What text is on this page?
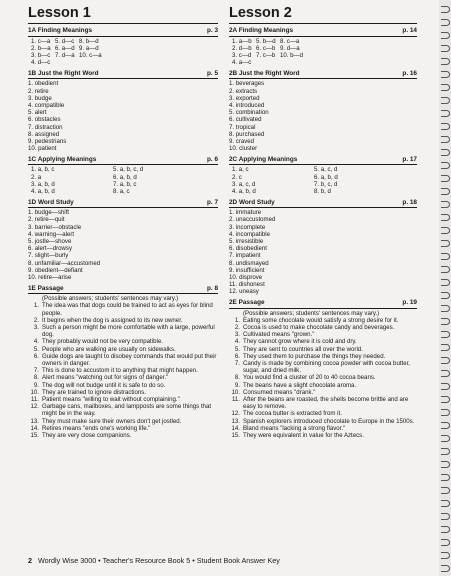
Lesson 1
1A Finding Meanings	p. 3
1. c—a 5. d—c 8. b—d
2. b—a 6. a—d 9. a—d
3. b—c 7. d—a 10. c—a
4. d—c
1B Just the Right Word	p. 5
1. obedient
2. retire
3. budge
4. compatible
5. alert
6. obstacles
7. distraction
8. assigned
9. pedestrians
10. patient
1C Applying Meanings	p. 6
1. a, b, c	5. a, b, c, d
2. a	6. a, b, d
3. a, b, d	7. a, b, c
4. a, b, d	8. a, c
1D Word Study	p. 7
1. budge—shift
2. retire—quit
3. barrier—obstacle
4. warning—alert
5. jostle—shove
6. alert—drowsy
7. slight—burly
8. unfamiliar—accustomed
9. obedient—defiant
10. retire—arise
1E Passage	p. 8
(Possible answers; students' sentences may vary.)
1. The idea was that dogs could be trained to act as eyes for blind people.
2. It begins when the dog is assigned to its new owner.
3. Such a person might be more comfortable with a large, powerful dog.
4. They probably would not be very compatible.
5. People who are walking are usually on sidewalks.
6. Guide dogs are taught to disobey commands that would put their owners in danger.
7. This is done to accustom it to anything that might happen.
8. Alert means "watching out for signs of danger."
9. The dog will not budge until it is safe to do so.
10. They are trained to ignore distractions.
11. Patient means "willing to wait without complaining."
12. Garbage cans, mailboxes, and lampposts are some things that might be in the way.
13. They must make sure their owners don't get jostled.
14. Retires means "ends one's working life."
15. They are very close companions.
Lesson 2
2A Finding Meanings	p. 14
1. a—b 5. b—d 8. c—a
2. d—b 6. c—b 9. d—a
3. c—d 7. c—b 10. b—d
4. a—c
2B Just the Right Word	p. 16
1. beverages
2. extracts
3. exported
4. introduced
5. combination
6. cultivated
7. tropical
8. purchased
9. craved
10. cluster
2C Applying Meanings	p. 17
1. a, c	5. a, c, d
2. c	6. a, b, d
3. a, c, d	7. b, c, d
4. a, b, d	8. b, d
2D Word Study	p. 18
1. immature
2. unaccustomed
3. incomplete
4. incompatible
5. irresistible
6. disobedient
7. impatient
8. undismayed
9. insufficient
10. disprove
11. dishonest
12. uneasy
2E Passage	p. 19
(Possible answers; students' sentences may vary.)
1. Eating some chocolate would satisfy a strong desire for it.
2. Cocoa is used to make chocolate candy and beverages.
3. Cultivated means "grown."
4. They cannot grow where it is cold and dry.
5. They are sent to countries all over the world.
6. They used them to purchase the things they needed.
7. Candy is made by combining cocoa powder with cocoa butter, sugar, and dried milk.
8. You would find a cluster of 20 to 40 cocoa beans.
9. The beans have a slight chocolate aroma.
10. Consumed means "drank."
11. After the beans are roasted, the shells become brittle and are easy to remove.
12. The cocoa butter is extracted from it.
13. Spanish explorers introduced chocolate to Europe in the 1500s.
14. Bland means "lacking a strong flavor."
15. They were equivalent in value for the Aztecs.
2 Wordly Wise 3000 • Teacher's Resource Book 5 • Student Book Answer Key
